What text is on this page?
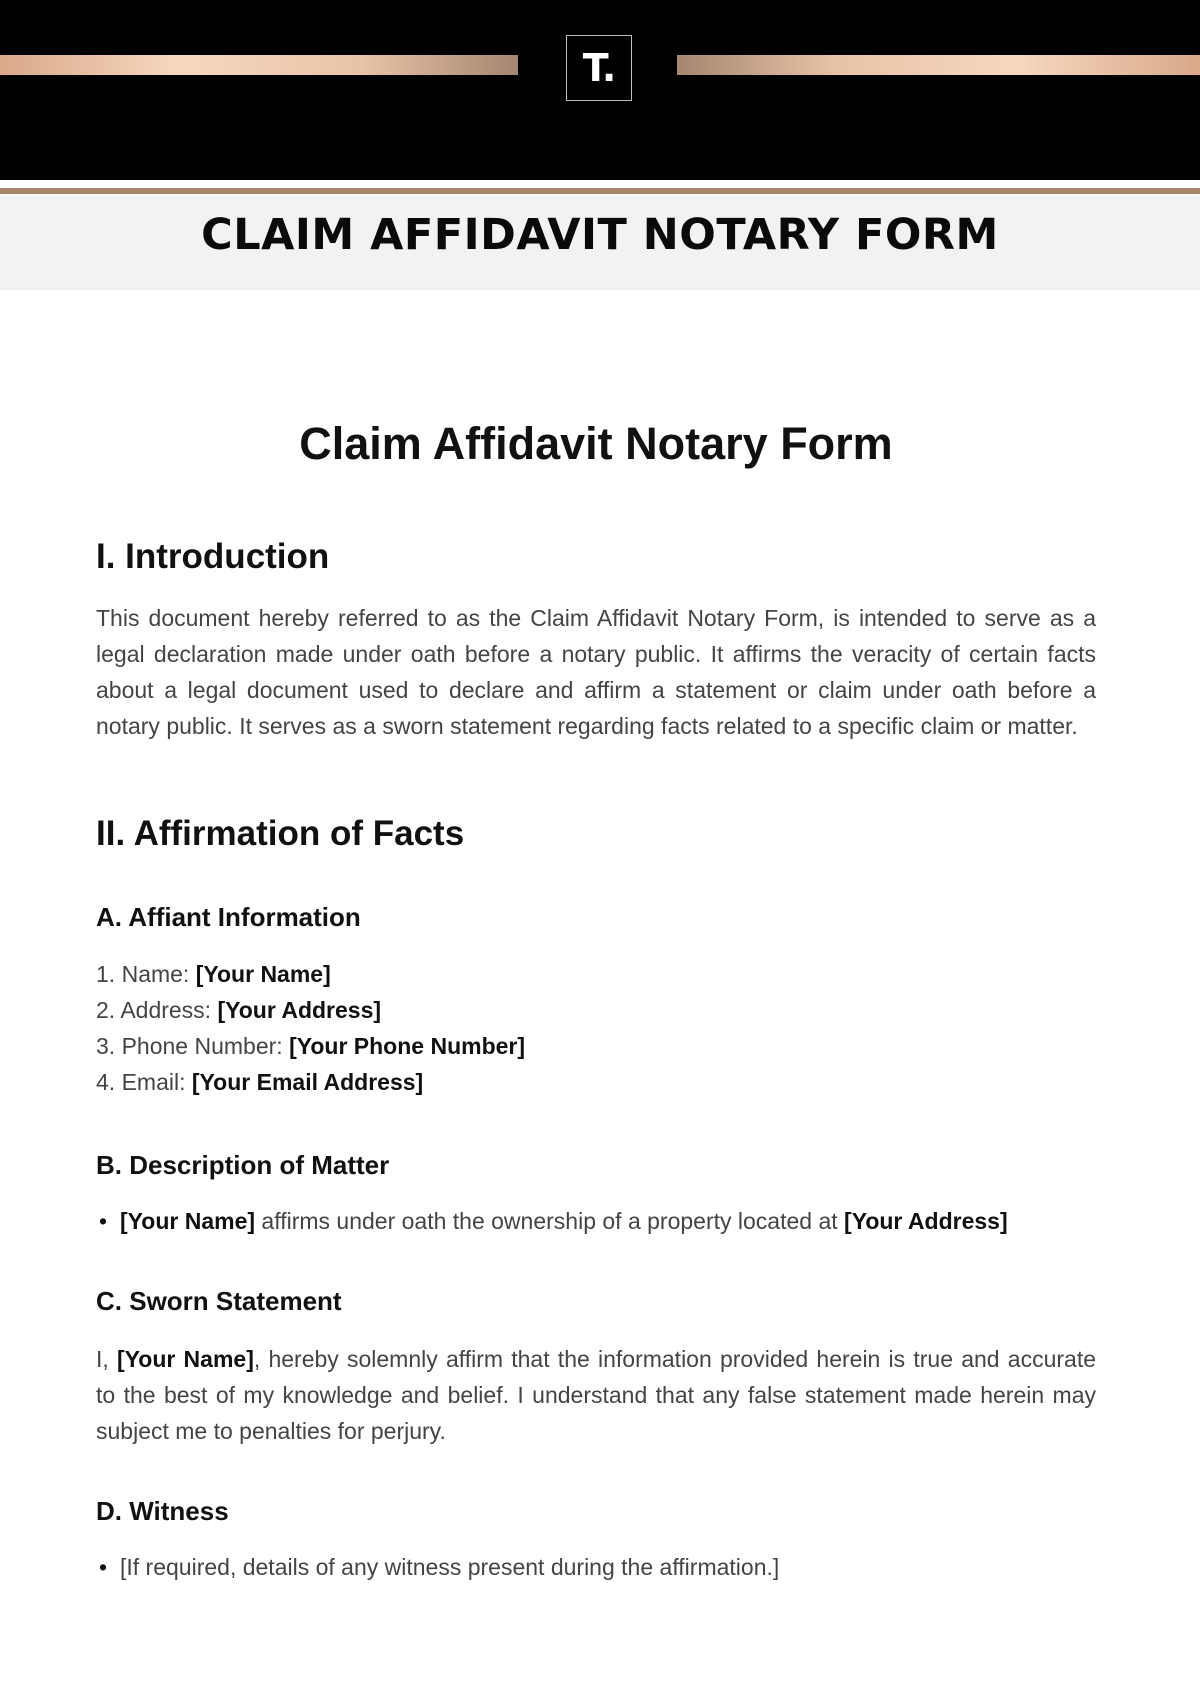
T.
CLAIM AFFIDAVIT NOTARY FORM
Claim Affidavit Notary Form
I. Introduction

This document hereby referred to as the Claim Affidavit Notary Form, is intended to serve as a legal declaration made under oath before a notary public. It affirms the veracity of certain facts about a legal document used to declare and affirm a statement or claim under oath before a notary public. It serves as a sworn statement regarding facts related to a specific claim or matter.

II. Affirmation of Facts
A. Affiant Information
1. Name: [Your Name]
2. Address: [Your Address]
3. Phone Number: [Your Phone Number]
4. Email: [Your Email Address]
B. Description of Matter
• [Your Name] affirms under oath the ownership of a property located at [Your Address]
C. Sworn Statement

I, [Your Name], hereby solemnly affirm that the information provided herein is true and accurate to the best of my knowledge and belief. I understand that any false statement made herein may subject me to penalties for perjury.

D. Witness
• [If required, details of any witness present during the affirmation.]
